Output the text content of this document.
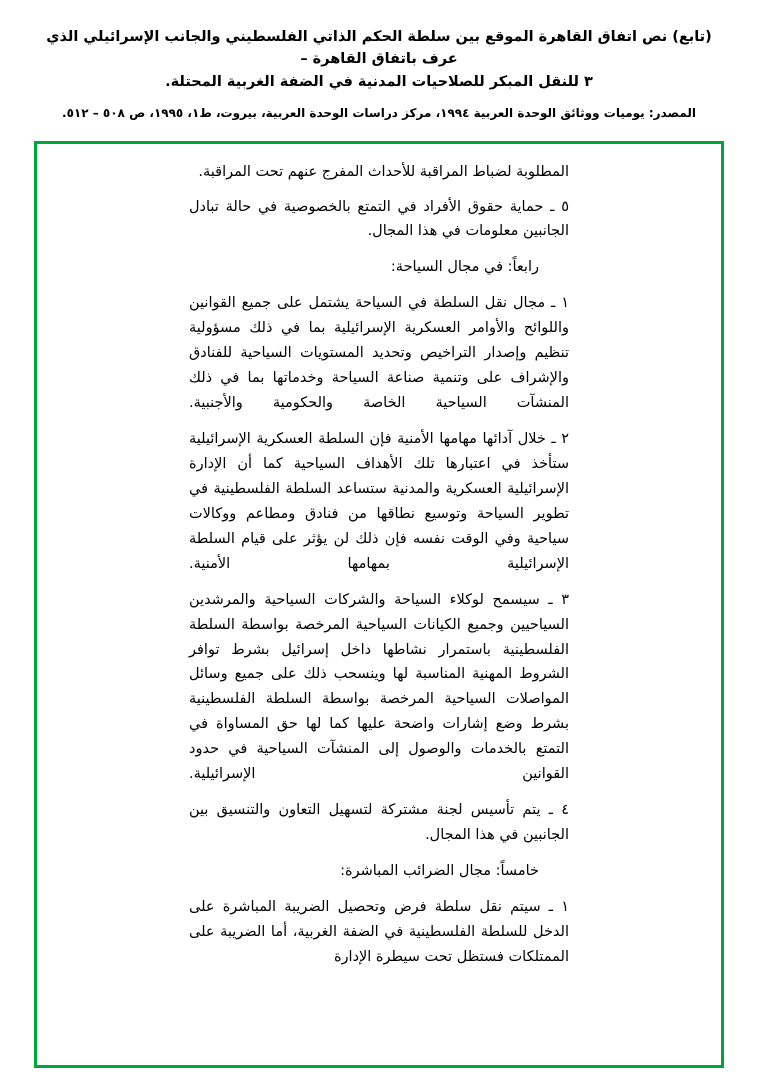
(تابع) نص اتفاق القاهرة الموقع بين سلطة الحكم الذاتي الفلسطيني والجانب الإسرائيلي الذي عرف باتفاق القاهرة –
٣ للنقل المبكر للصلاحيات المدنية في الضفة الغربية المحتلة.
المصدر: يوميات ووثائق الوحدة العربية ١٩٩٤، مركز دراسات الوحدة العربية، بيروت، ط١، ١٩٩٥، ص ٥٠٨ – ٥١٢.

المطلوبة لضباط المراقبة للأحداث المفرج عنهم تحت المراقبة.

٥ ـ حماية حقوق الأفراد في التمتع بالخصوصية في حالة تبادل الجانبين معلومات في هذا المجال.

رابعاً: في مجال السياحة:

١ ـ مجال نقل السلطة في السياحة يشتمل على جميع القوانين واللوائح والأوامر العسكرية الإسرائيلية بما في ذلك مسؤولية تنظيم وإصدار التراخيص وتحديد المستويات السياحية للفنادق والإشراف على وتنمية صناعة السياحة وخدماتها بما في ذلك المنشآت السياحية الخاصة والحكومية والأجنبية.

٢ ـ خلال آدائها مهامها الأمنية فإن السلطة العسكرية الإسرائيلية ستأخذ في اعتبارها تلك الأهداف السياحية كما أن الإدارة الإسرائيلية العسكرية والمدنية ستساعد السلطة الفلسطينية في تطوير السياحة وتوسيع نطاقها من فنادق ومطاعم ووكالات سياحية وفي الوقت نفسه فإن ذلك لن يؤثر على قيام السلطة الإسرائيلية بمهامها الأمنية.

٣ ـ سيسمح لوكلاء السياحة والشركات السياحية والمرشدين السياحيين وجميع الكيانات السياحية المرخصة بواسطة السلطة الفلسطينية باستمرار نشاطها داخل إسرائيل بشرط توافر الشروط المهنية المناسبة لها وينسحب ذلك على جميع وسائل المواصلات السياحية المرخصة بواسطة السلطة الفلسطينية بشرط وضع إشارات واضحة عليها كما لها حق المساواة في التمتع بالخدمات والوصول إلى المنشآت السياحية في حدود القوانين الإسرائيلية.

٤ ـ يتم تأسيس لجنة مشتركة لتسهيل التعاون والتنسيق بين الجانبين في هذا المجال.

خامساً: مجال الضرائب المباشرة:

١ ـ سيتم نقل سلطة فرض وتحصيل الضريبة المباشرة على الدخل للسلطة الفلسطينية في الضفة الغربية، أما الضريبة على الممتلكات فستظل تحت سيطرة الإدارة
